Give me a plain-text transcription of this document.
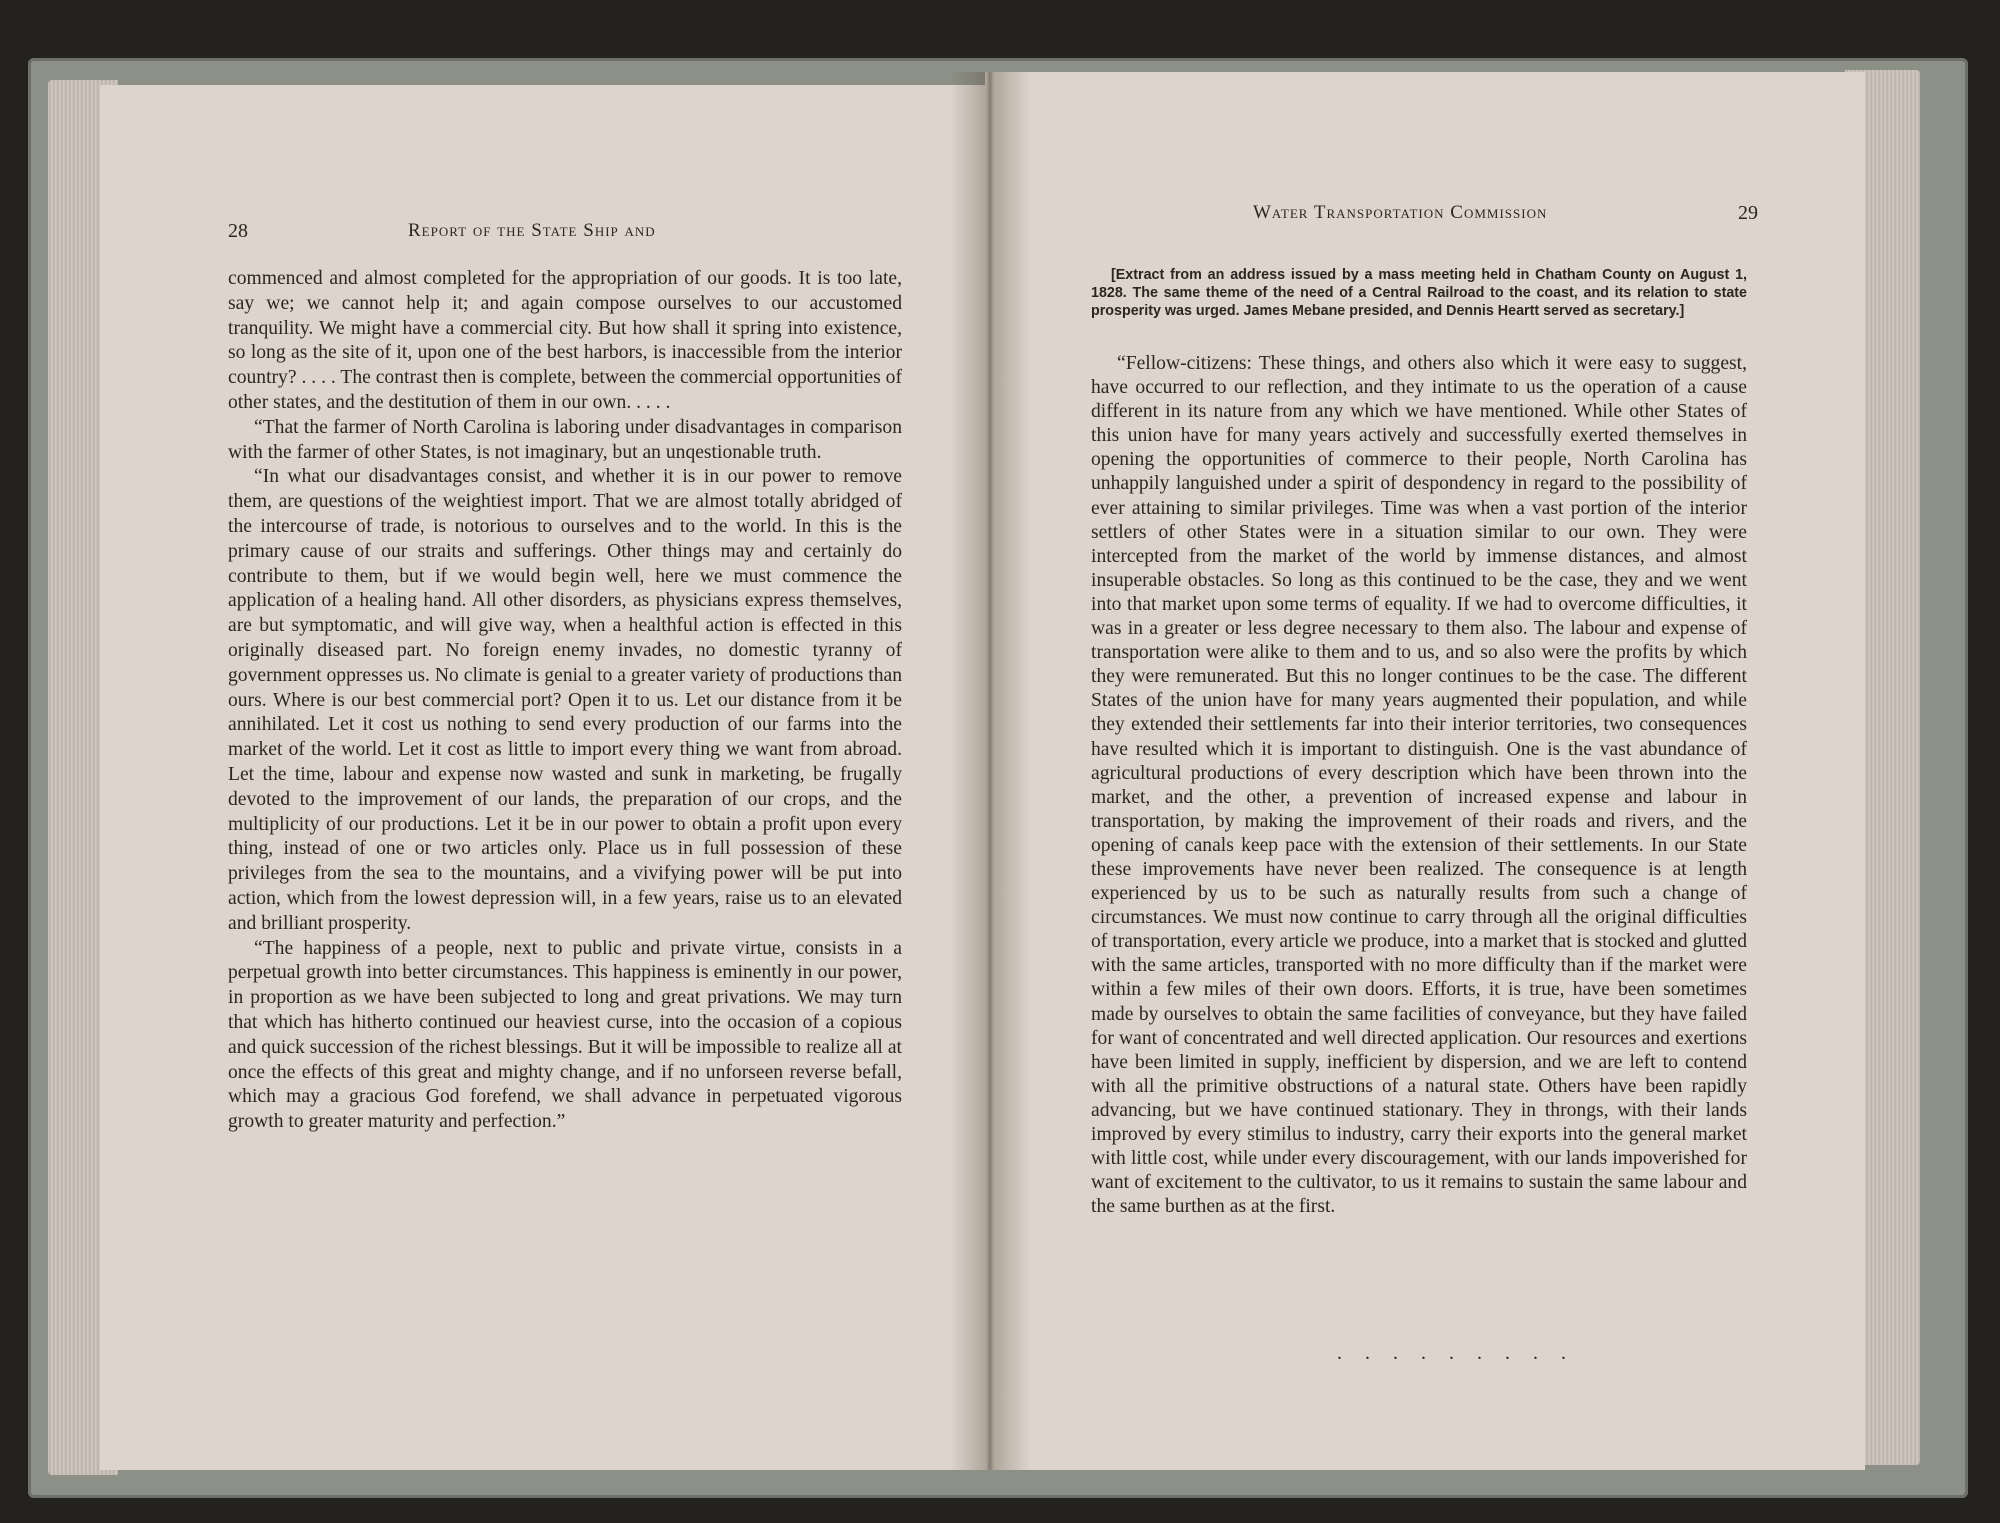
28	Report of the State Ship and

commenced and almost completed for the appropriation of our goods. It is too late, say we; we cannot help it; and again compose ourselves to our accustomed tranquility. We might have a commercial city. But how shall it spring into existence, so long as the site of it, upon one of the best harbors, is inaccessible from the interior country? . . . . The contrast then is complete, between the commercial opportunities of other states, and the destitution of them in our own. . . . .

“That the farmer of North Carolina is laboring under disadvantages in comparison with the farmer of other States, is not imaginary, but an unqestionable truth.

“In what our disadvantages consist, and whether it is in our power to remove them, are questions of the weightiest import. That we are almost totally abridged of the intercourse of trade, is notorious to ourselves and to the world. In this is the primary cause of our straits and sufferings. Other things may and certainly do contribute to them, but if we would begin well, here we must commence the application of a healing hand. All other disorders, as physicians express themselves, are but symptomatic, and will give way, when a healthful action is effected in this originally diseased part. No foreign enemy invades, no domestic tyranny of government oppresses us. No climate is genial to a greater variety of productions than ours. Where is our best commercial port? Open it to us. Let our distance from it be annihilated. Let it cost us nothing to send every production of our farms into the market of the world. Let it cost as little to import every thing we want from abroad. Let the time, labour and expense now wasted and sunk in marketing, be frugally devoted to the improvement of our lands, the preparation of our crops, and the multiplicity of our productions. Let it be in our power to obtain a profit upon every thing, instead of one or two articles only. Place us in full possession of these privileges from the sea to the mountains, and a vivifying power will be put into action, which from the lowest depression will, in a few years, raise us to an elevated and brilliant prosperity.

“The happiness of a people, next to public and private virtue, consists in a perpetual growth into better circumstances. This happiness is eminently in our power, in proportion as we have been subjected to long and great privations. We may turn that which has hitherto continued our heaviest curse, into the occasion of a copious and quick succession of the richest blessings. But it will be impossible to realize all at once the effects of this great and mighty change, and if no unforseen reverse befall, which may a gracious God forefend, we shall advance in perpetuated vigorous growth to greater maturity and perfection.”

Water Transportation Commission	29
[Extract from an address issued by a mass meeting held in Chatham County on August 1, 1828. The same theme of the need of a Central Railroad to the coast, and its relation to state prosperity was urged. James Mebane presided, and Dennis Heartt served as secretary.]

“Fellow-citizens: These things, and others also which it were easy to suggest, have occurred to our reflection, and they intimate to us the operation of a cause different in its nature from any which we have mentioned. While other States of this union have for many years actively and successfully exerted themselves in opening the opportunities of commerce to their people, North Carolina has unhappily languished under a spirit of despondency in regard to the possibility of ever attaining to similar privileges. Time was when a vast portion of the interior settlers of other States were in a situation similar to our own. They were intercepted from the market of the world by immense distances, and almost insuperable obstacles. So long as this continued to be the case, they and we went into that market upon some terms of equality. If we had to overcome difficulties, it was in a greater or less degree necessary to them also. The labour and expense of transportation were alike to them and to us, and so also were the profits by which they were remunerated. But this no longer continues to be the case. The different States of the union have for many years augmented their population, and while they extended their settlements far into their interior territories, two consequences have resulted which it is important to distinguish. One is the vast abundance of agricultural productions of every description which have been thrown into the market, and the other, a prevention of increased expense and labour in transportation, by making the improvement of their roads and rivers, and the opening of canals keep pace with the extension of their settlements. In our State these improvements have never been realized. The consequence is at length experienced by us to be such as naturally results from such a change of circumstances. We must now continue to carry through all the original difficulties of transportation, every article we produce, into a market that is stocked and glutted with the same articles, transported with no more difficulty than if the market were within a few miles of their own doors. Efforts, it is true, have been sometimes made by ourselves to obtain the same facilities of conveyance, but they have failed for want of concentrated and well directed application. Our resources and exertions have been limited in supply, inefficient by dispersion, and we are left to contend with all the primitive obstructions of a natural state. Others have been rapidly advancing, but we have continued stationary. They in throngs, with their lands improved by every stimilus to industry, carry their exports into the general market with little cost, while under every discouragement, with our lands impoverished for want of excitement to the cultivator, to us it remains to sustain the same labour and the same burthen as at the first.

. . . . . . . . .
